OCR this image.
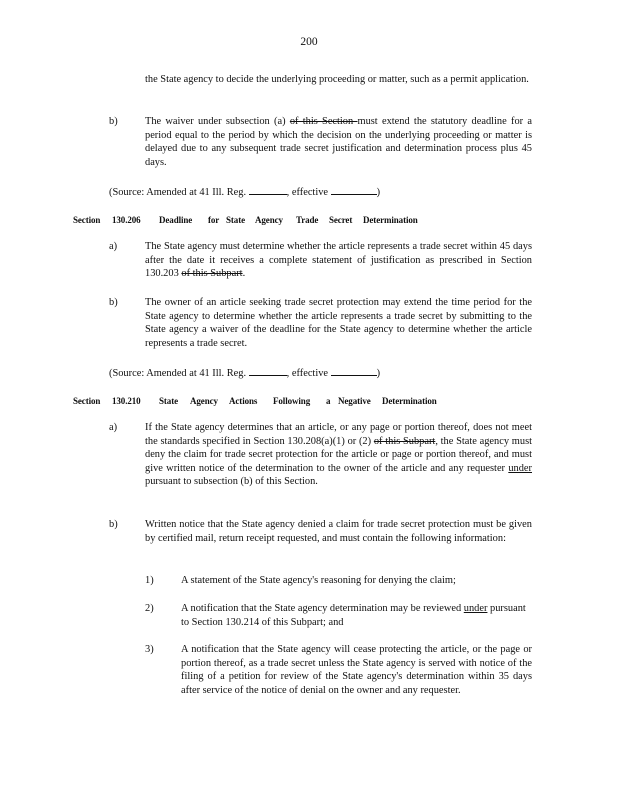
200

the State agency to decide the underlying proceeding or matter, such as a permit application.

b)	The waiver under subsection (a) of this Section must extend the statutory deadline for a period equal to the period by which the decision on the underlying proceeding or matter is delayed due to any subsequent trade secret justification and determination process plus 45 days.

(Source: Amended at 41 Ill. Reg.	, effective	)
Section 130.206 Deadline for State Agency Trade Secret Determination
a)	The State agency must determine whether the article represents a trade secret within 45 days after the date it receives a complete statement of justification as prescribed in Section 130.203 of this Subpart.

b)	The owner of an article seeking trade secret protection may extend the time period for the State agency to determine whether the article represents a trade secret by submitting to the State agency a waiver of the deadline for the State agency to determine whether the article represents a trade secret.

(Source: Amended at 41 Ill. Reg.	, effective	)
Section 130.210 State Agency Actions Following a Negative Determination
a)	If the State agency determines that an article, or any page or portion thereof, does not meet the standards specified in Section 130.208(a)(1) or (2) of this Subpart, the State agency must deny the claim for trade secret protection for the article or page or portion thereof, and must give written notice of the determination to the owner of the article and any requester under pursuant to subsection (b) of this Section.

b)	Written notice that the State agency denied a claim for trade secret protection must be given by certified mail, return receipt requested, and must contain the following information:

1)	A statement of the State agency's reasoning for denying the claim;

2)	A notification that the State agency determination may be reviewed under pursuant to Section 130.214 of this Subpart; and

3)	A notification that the State agency will cease protecting the article, or the page or portion thereof, as a trade secret unless the State agency is served with notice of the filing of a petition for review of the State agency's determination within 35 days after service of the notice of denial on the owner and any requester.
